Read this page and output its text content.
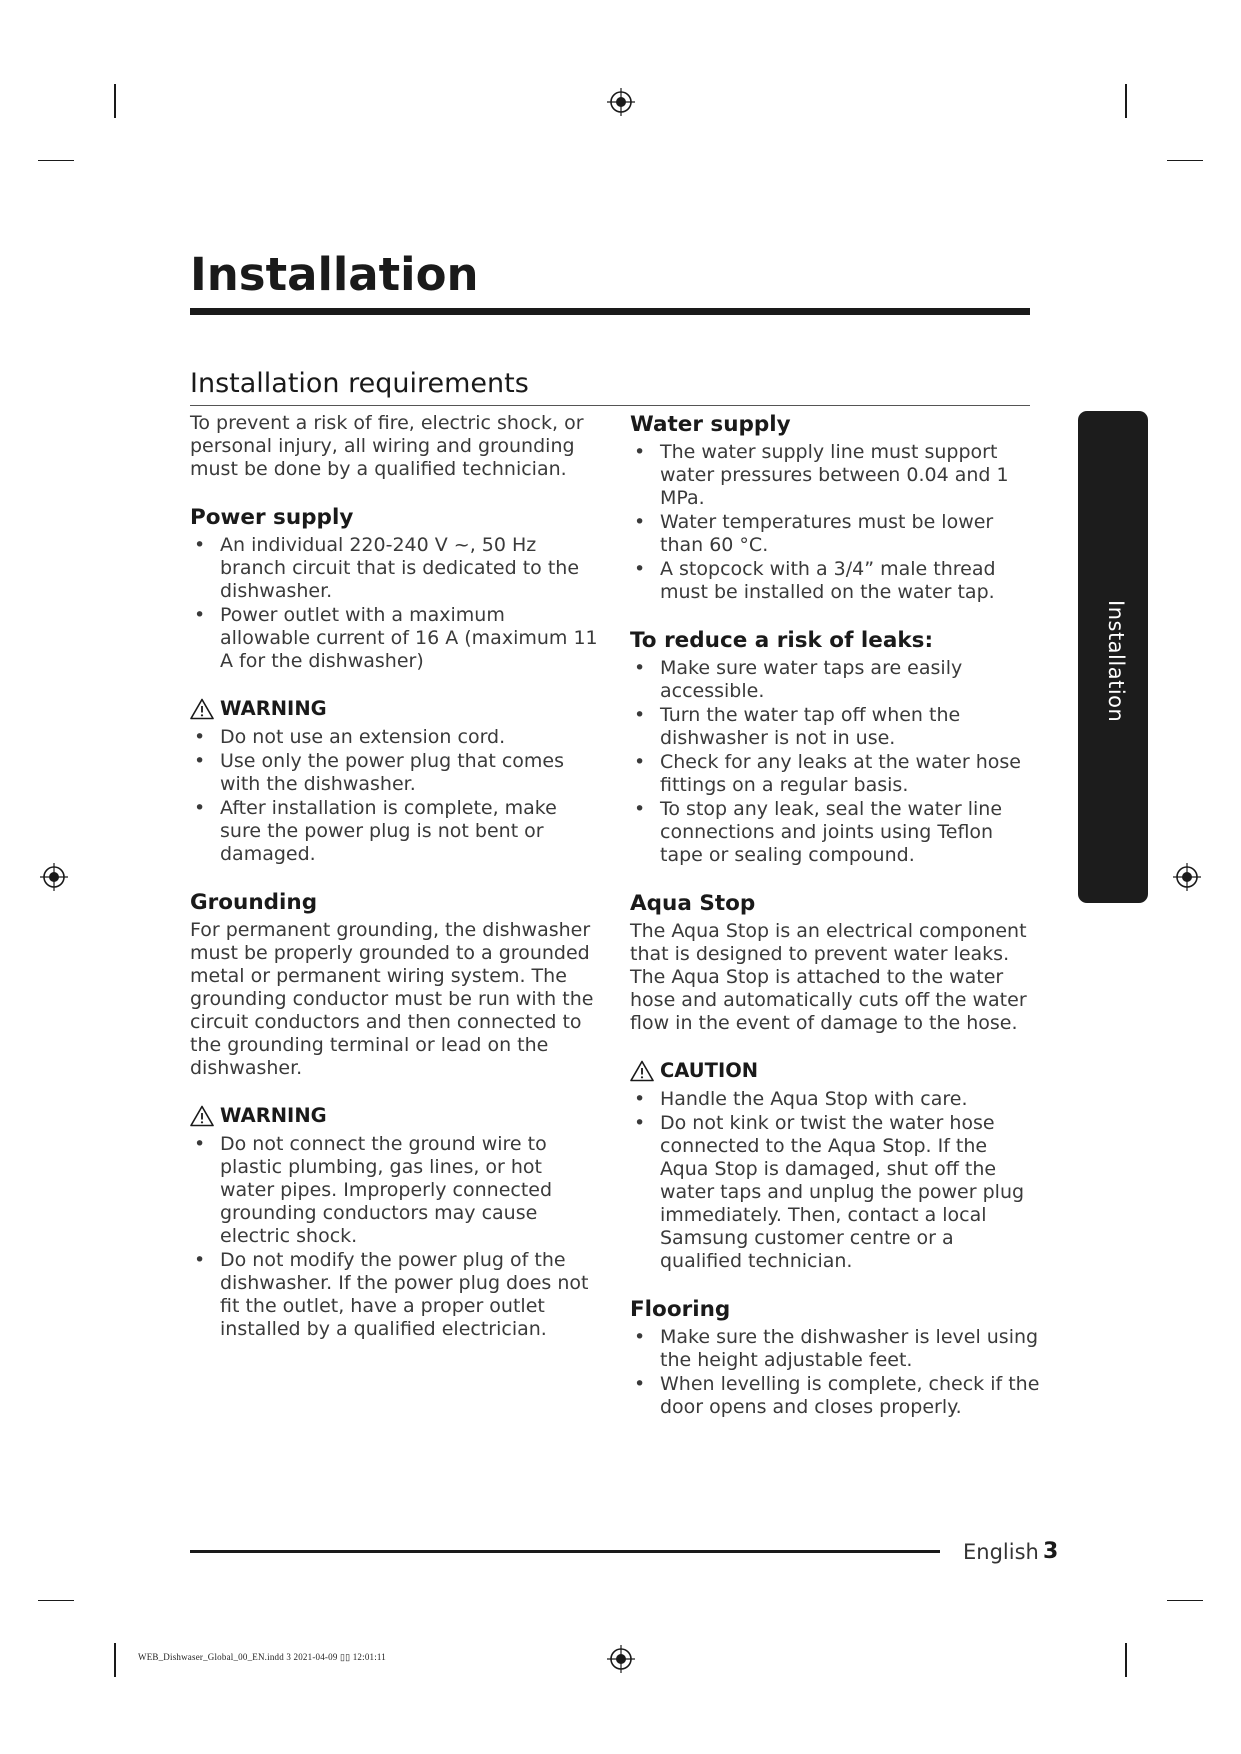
Installation
Installation requirements
Installation

To prevent a risk of fire, electric shock, or personal injury, all wiring and grounding must be done by a qualified technician.

Power supply
• An individual 220-240 V ~, 50 Hz branch circuit that is dedicated to the dishwasher.
• Power outlet with a maximum allowable current of 16 A (maximum 11 A for the dishwasher)
WARNING
• Do not use an extension cord.
• Use only the power plug that comes with the dishwasher.
• After installation is complete, make sure the power plug is not bent or damaged.
Grounding

For permanent grounding, the dishwasher must be properly grounded to a grounded metal or permanent wiring system. The grounding conductor must be run with the circuit conductors and then connected to the grounding terminal or lead on the dishwasher.

WARNING
• Do not connect the ground wire to plastic plumbing, gas lines, or hot water pipes. Improperly connected grounding conductors may cause electric shock.
• Do not modify the power plug of the dishwasher. If the power plug does not fit the outlet, have a proper outlet installed by a qualified electrician.
Water supply
• The water supply line must support water pressures between 0.04 and 1 MPa.
• Water temperatures must be lower than 60 °C.
• A stopcock with a 3/4” male thread must be installed on the water tap.
To reduce a risk of leaks:
• Make sure water taps are easily accessible.
• Turn the water tap off when the dishwasher is not in use.
• Check for any leaks at the water hose fittings on a regular basis.
• To stop any leak, seal the water line connections and joints using Teflon tape or sealing compound.
Aqua Stop

The Aqua Stop is an electrical component that is designed to prevent water leaks. The Aqua Stop is attached to the water hose and automatically cuts off the water flow in the event of damage to the hose.

CAUTION
• Handle the Aqua Stop with care.
• Do not kink or twist the water hose connected to the Aqua Stop. If the Aqua Stop is damaged, shut off the water taps and unplug the power plug immediately. Then, contact a local Samsung customer centre or a qualified technician.
Flooring
• Make sure the dishwasher is level using the height adjustable feet.
• When levelling is complete, check if the door opens and closes properly.
English 3
WEB_Dishwaser_Global_00_EN.indd 3 2021-04-09 ▯▯ 12:01:11
